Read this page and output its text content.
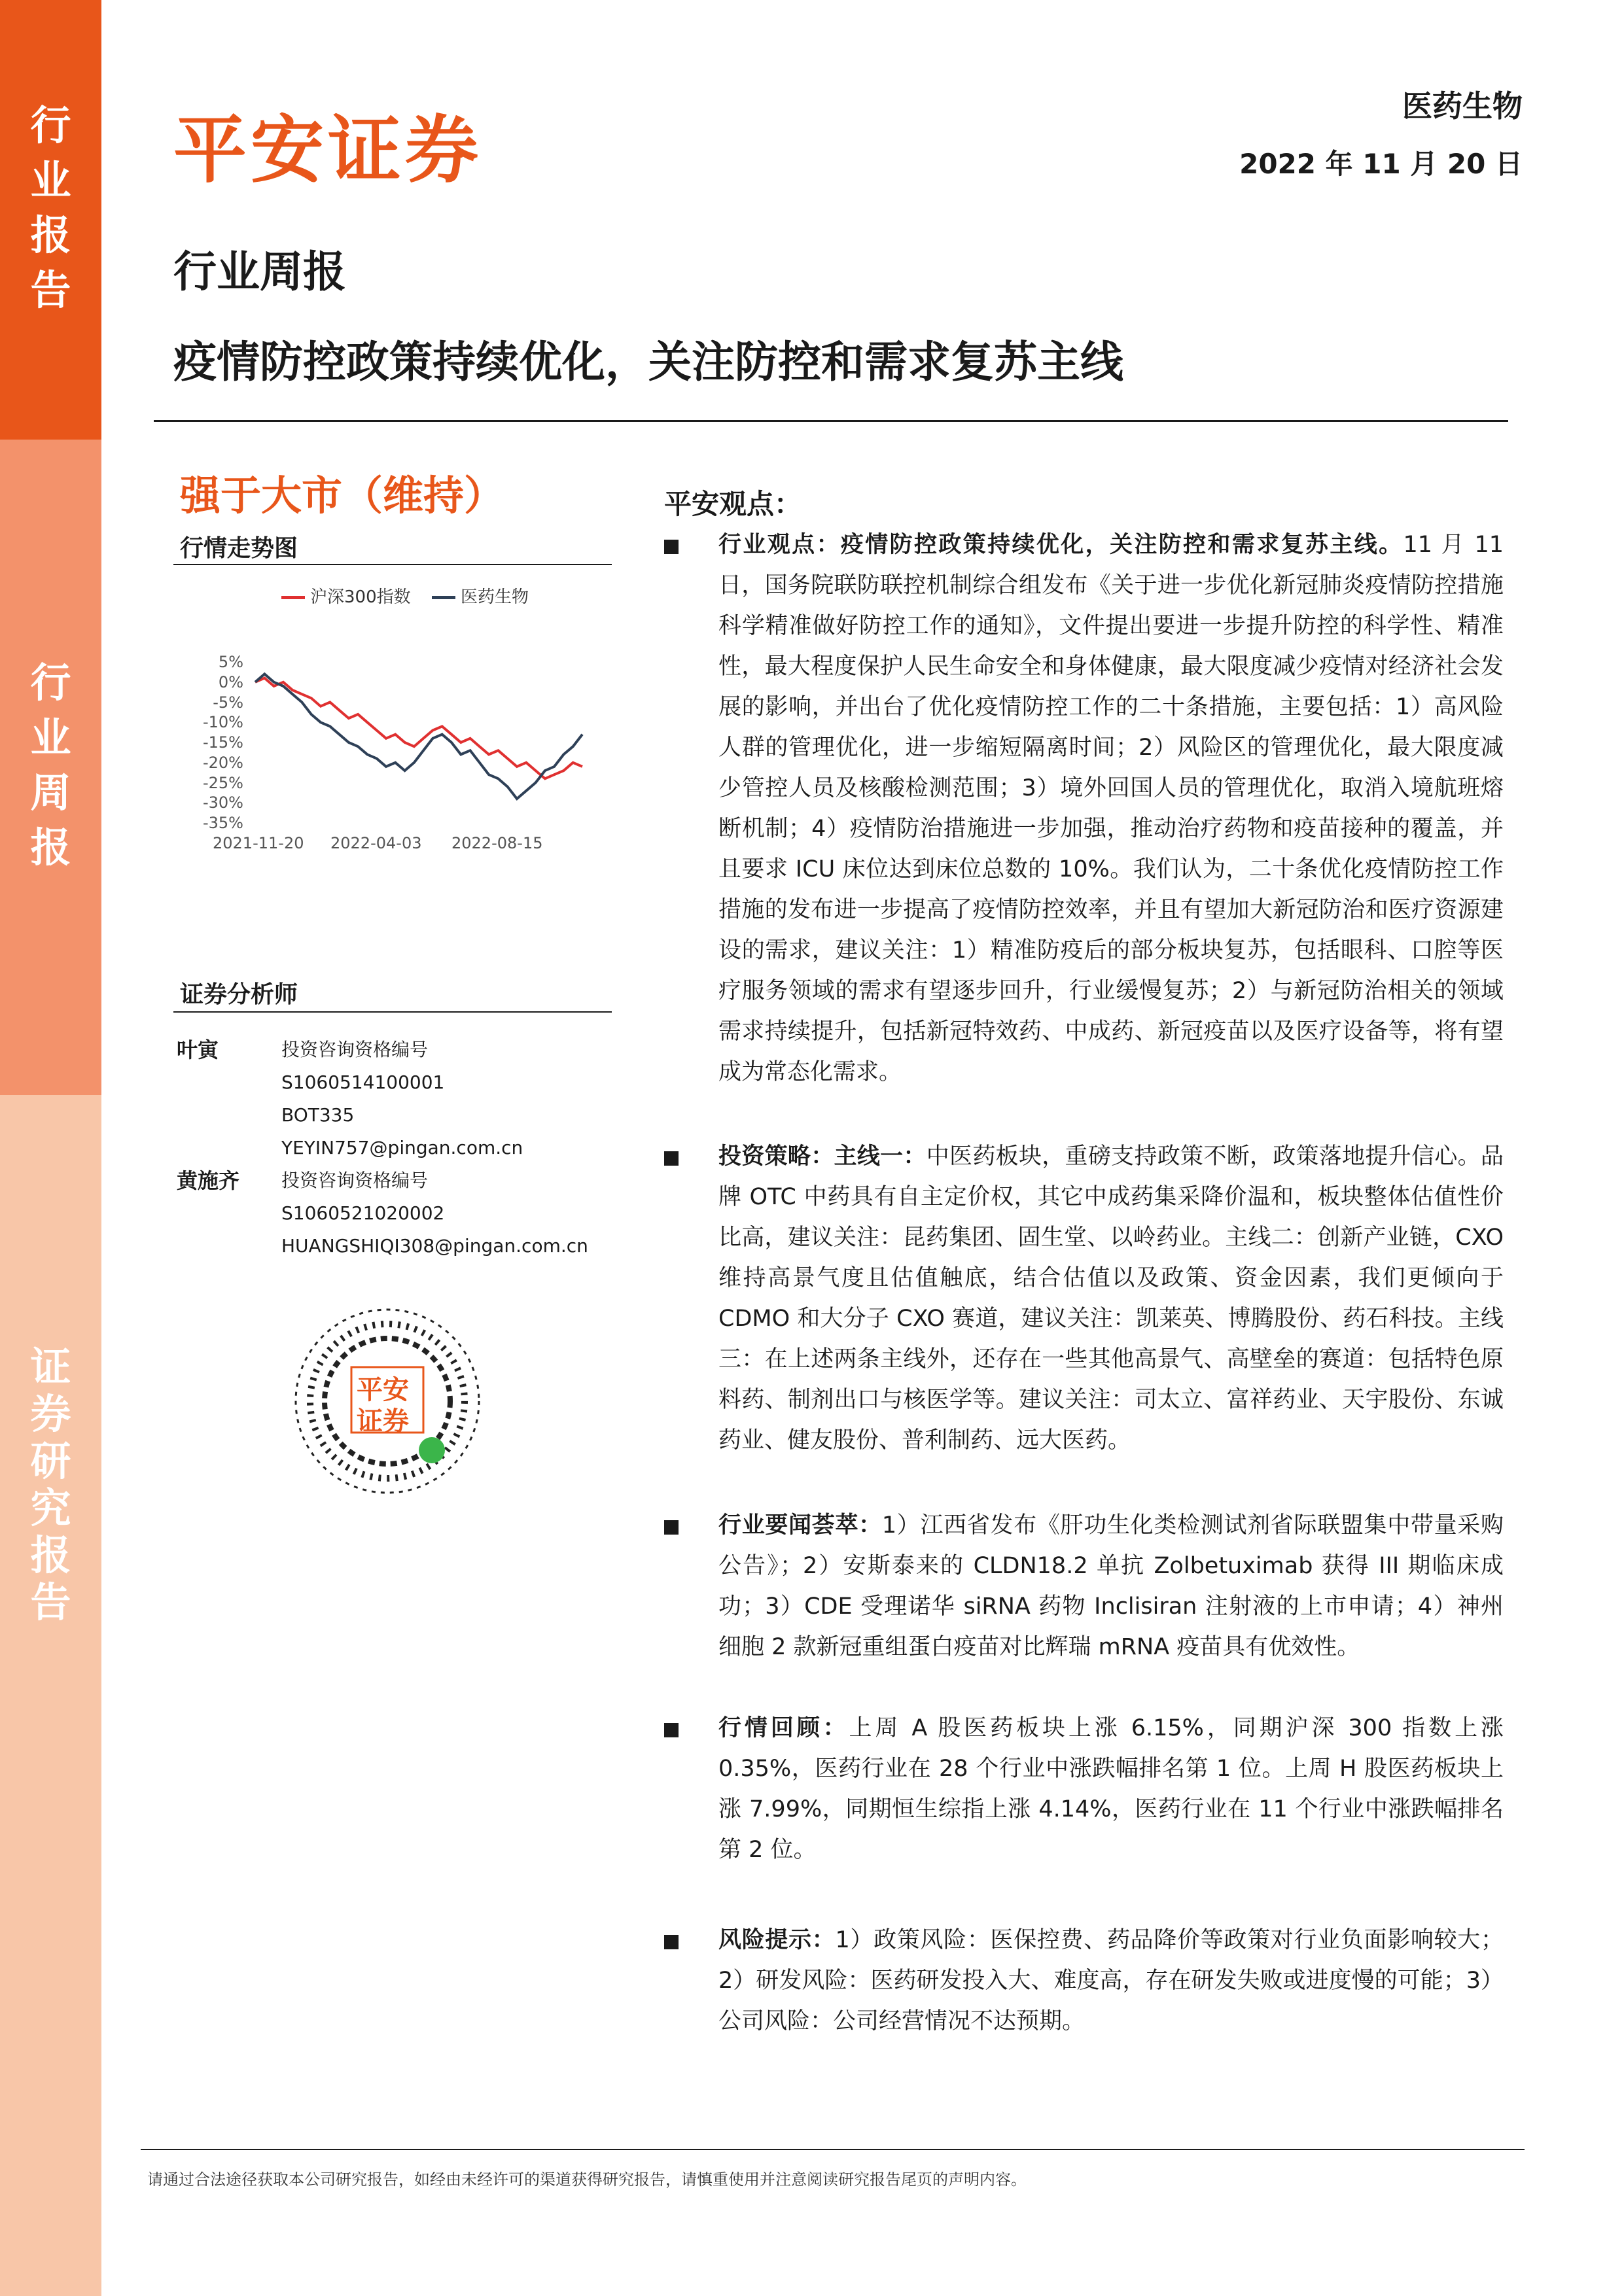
行业报告
行业周报
证券研究报告
平安证券
医药生物
2022 年 11 月 20 日
行业周报
疫情防控政策持续优化，关注防控和需求复苏主线
强于大市（维持）
行情走势图
沪深300指数	医药生物
5%
0%
-5%
-10%
-15%
-20%
-25%
-30%
-35%
2021-11-20 2022-04-03 2022-08-15
证券分析师
叶寅	投资咨询资格编号
S1060514100001
BOT335
YEYIN757@pingan.com.cn
黄施齐 投资咨询资格编号
S1060521020002
HUANGSHIQI308@pingan.com.cn
平安
证券
平安观点：
行业观点：疫情防控政策持续优化，关注防控和需求复苏主线。11 月 11 日，国务院联防联控机制综合组发布《关于进一步优化新冠肺炎疫情防控措施 科学精准做好防控工作的通知》，文件提出要进一步提升防控的科学性、精准性，最大程度保护人民生命安全和身体健康，最大限度减少疫情对经济社会发展的影响，并出台了优化疫情防控工作的二十条措施，主要包括：1）高风险人群的管理优化，进一步缩短隔离时间；2）风险区的管理优化，最大限度减少管控人员及核酸检测范围；3）境外回国人员的管理优化，取消入境航班熔断机制；4）疫情防治措施进一步加强，推动治疗药物和疫苗接种的覆盖，并且要求 ICU 床位达到床位总数的 10%。我们认为，二十条优化疫情防控工作措施的发布进一步提高了疫情防控效率，并且有望加大新冠防治和医疗资源建设的需求，建议关注：1）精准防疫后的部分板块复苏，包括眼科、口腔等医疗服务领域的需求有望逐步回升，行业缓慢复苏；2）与新冠防治相关的领域需求持续提升，包括新冠特效药、中成药、新冠疫苗以及医疗设备等，将有望成为常态化需求。
投资策略：主线一：中医药板块，重磅支持政策不断，政策落地提升信心。品牌 OTC 中药具有自主定价权，其它中成药集采降价温和，板块整体估值性价比高，建议关注：昆药集团、固生堂、以岭药业。主线二：创新产业链，CXO 维持高景气度且估值触底，结合估值以及政策、资金因素，我们更倾向于 CDMO 和大分子 CXO 赛道，建议关注：凯莱英、博腾股份、药石科技。主线三：在上述两条主线外，还存在一些其他高景气、高壁垒的赛道：包括特色原料药、制剂出口与核医学等。建议关注：司太立、富祥药业、天宇股份、东诚药业、健友股份、普利制药、远大医药。
行业要闻荟萃：1）江西省发布《肝功生化类检测试剂省际联盟集中带量采购公告》；2）安斯泰来的 CLDN18.2 单抗 Zolbetuximab 获得 III 期临床成功；3）CDE 受理诺华 siRNA 药物 Inclisiran 注射液的上市申请；4）神州细胞 2 款新冠重组蛋白疫苗对比辉瑞 mRNA 疫苗具有优效性。
行情回顾：上周 A 股医药板块上涨 6.15%，同期沪深 300 指数上涨 0.35%，医药行业在 28 个行业中涨跌幅排名第 1 位。上周 H 股医药板块上涨 7.99%，同期恒生综指上涨 4.14%，医药行业在 11 个行业中涨跌幅排名第 2 位。
风险提示：1）政策风险：医保控费、药品降价等政策对行业负面影响较大；2）研发风险：医药研发投入大、难度高，存在研发失败或进度慢的可能；3）公司风险：公司经营情况不达预期。
请通过合法途径获取本公司研究报告，如经由未经许可的渠道获得研究报告，请慎重使用并注意阅读研究报告尾页的声明内容。
